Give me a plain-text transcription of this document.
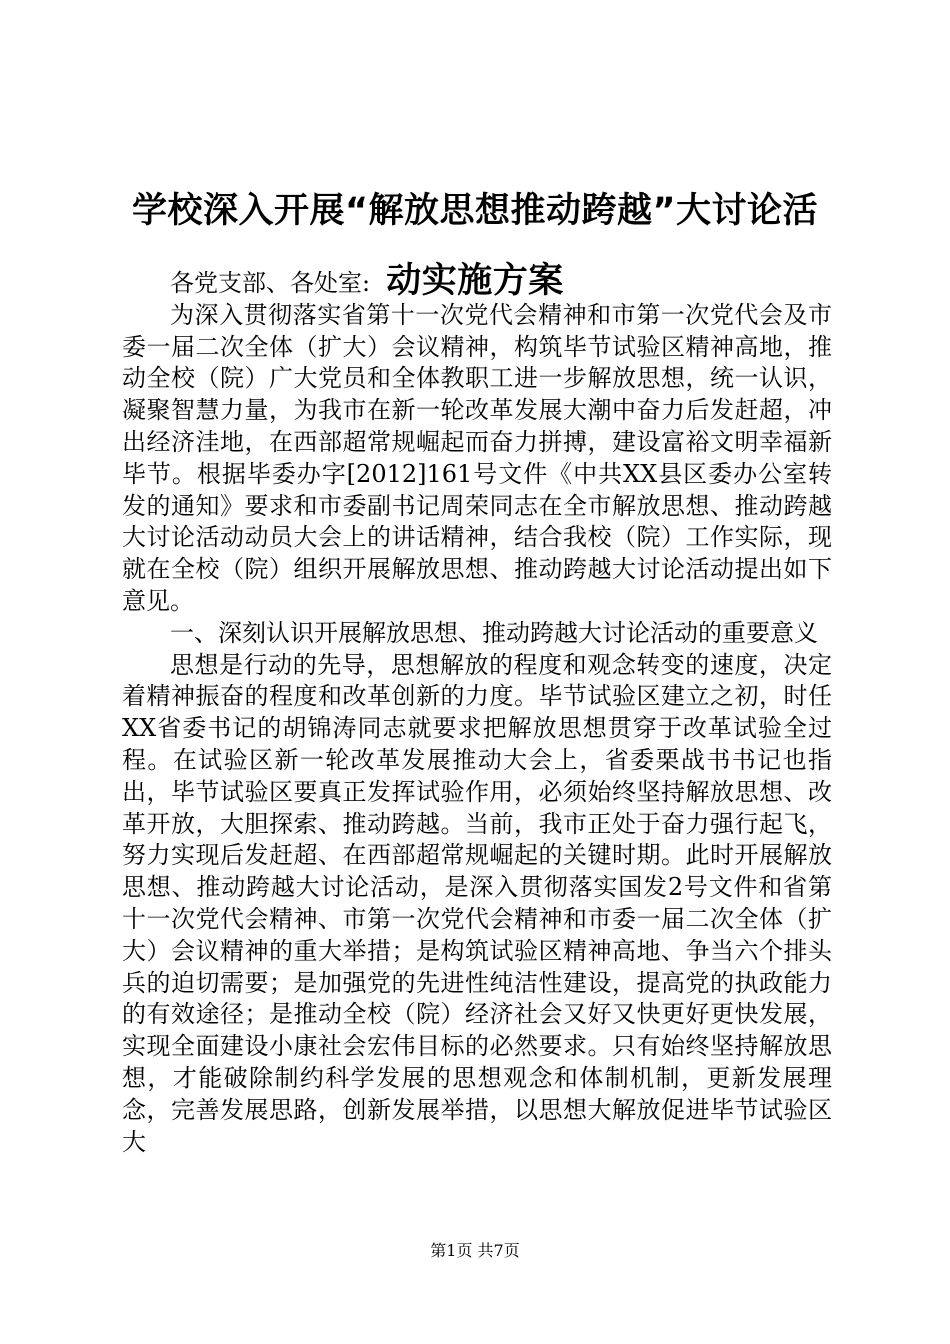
学校深入开展“解放思想推动跨越”大讨论活
动实施方案

各党支部、各处室:

为深入贯彻落实省第十一次党代会精神和市第一次党代会及市委一届二次全体（扩大）会议精神，构筑毕节试验区精神高地，推动全校（院）广大党员和全体教职工进一步解放思想，统一认识，凝聚智慧力量，为我市在新一轮改革发展大潮中奋力后发赶超，冲出经济洼地，在西部超常规崛起而奋力拼搏，建设富裕文明幸福新毕节。根据毕委办字[2012]161号文件《中共XX县区委办公室转发的通知》要求和市委副书记周荣同志在全市解放思想、推动跨越大讨论活动动员大会上的讲话精神，结合我校（院）工作实际，现就在全校（院）组织开展解放思想、推动跨越大讨论活动提出如下意见。

一、深刻认识开展解放思想、推动跨越大讨论活动的重要意义

思想是行动的先导，思想解放的程度和观念转变的速度，决定着精神振奋的程度和改革创新的力度。毕节试验区建立之初，时任XX省委书记的胡锦涛同志就要求把解放思想贯穿于改革试验全过程。在试验区新一轮改革发展推动大会上，省委栗战书书记也指出，毕节试验区要真正发挥试验作用，必须始终坚持解放思想、改革开放，大胆探索、推动跨越。当前，我市正处于奋力强行起飞，努力实现后发赶超、在西部超常规崛起的关键时期。此时开展解放思想、推动跨越大讨论活动，是深入贯彻落实国发2号文件和省第十一次党代会精神、市第一次党代会精神和市委一届二次全体（扩大）会议精神的重大举措；是构筑试验区精神高地、争当六个排头兵的迫切需要；是加强党的先进性纯洁性建设，提高党的执政能力的有效途径；是推动全校（院）经济社会又好又快更好更快发展，实现全面建设小康社会宏伟目标的必然要求。只有始终坚持解放思想，才能破除制约科学发展的思想观念和体制机制，更新发展理念，完善发展思路，创新发展举措，以思想大解放促进毕节试验区大

第1页 共7页
